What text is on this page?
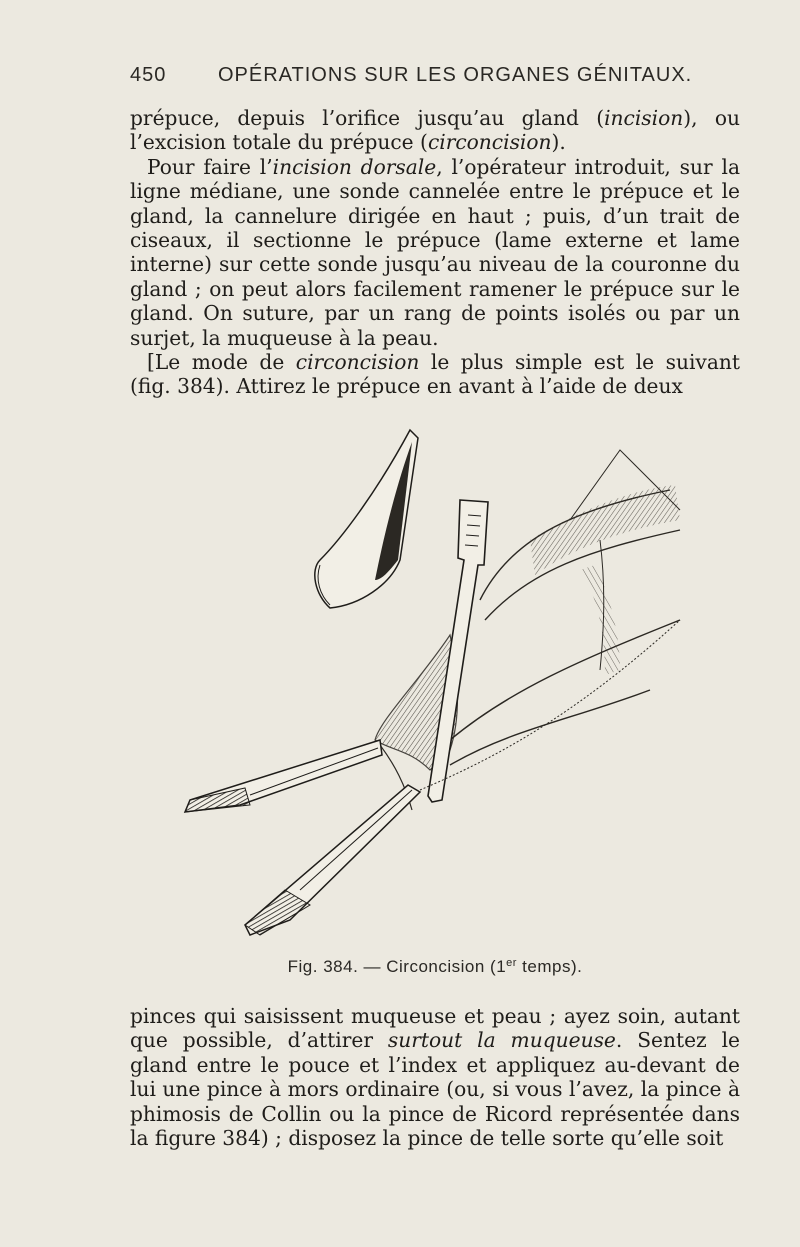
450	OPÉRATIONS SUR LES ORGANES GÉNITAUX.

prépuce, depuis l’orifice jusqu’au gland (incision), ou l’excision totale du prépuce (circoncision).

Pour faire l’incision dorsale, l’opérateur introduit, sur la ligne médiane, une sonde cannelée entre le prépuce et le gland, la cannelure dirigée en haut ; puis, d’un trait de ciseaux, il sectionne le prépuce (lame externe et lame interne) sur cette sonde jusqu’au niveau de la couronne du gland ; on peut alors facilement ramener le prépuce sur le gland. On suture, par un rang de points isolés ou par un surjet, la muqueuse à la peau.

[Le mode de circoncision le plus simple est le suivant (fig. 384). Attirez le prépuce en avant à l’aide de deux

Fig. 384. — Circoncision (1er temps).

pinces qui saisissent muqueuse et peau ; ayez soin, autant que possible, d’attirer surtout la muqueuse. Sentez le gland entre le pouce et l’index et appliquez au-devant de lui une pince à mors ordinaire (ou, si vous l’avez, la pince à phimosis de Collin ou la pince de Ricord représentée dans la figure 384) ; disposez la pince de telle sorte qu’elle soit
